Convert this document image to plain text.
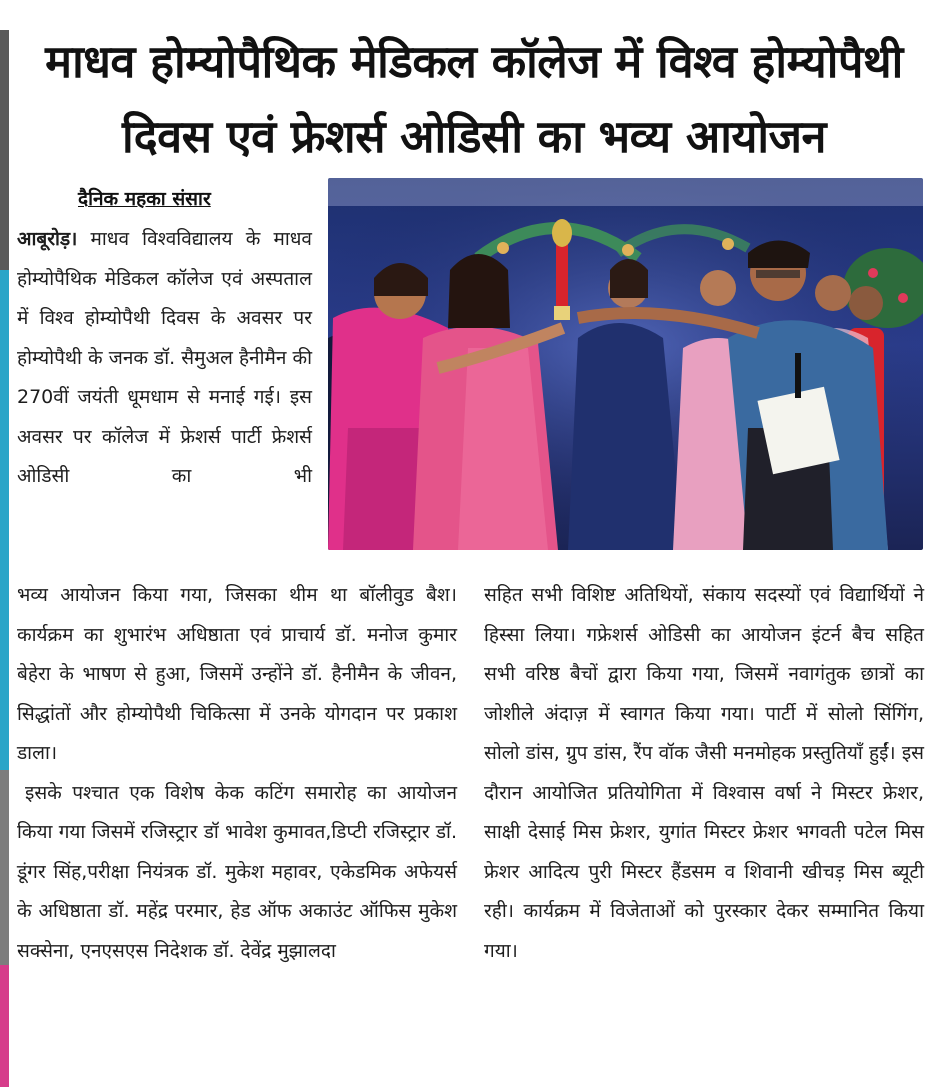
माधव होम्योपैथिक मेडिकल कॉलेज में विश्व होम्योपैथी
दिवस एवं फ्रेशर्स ओडिसी का भव्य आयोजन
दैनिक महका संसार
आबूरोड़। माधव विश्वविद्यालय के माधव होम्योपैथिक मेडिकल कॉलेज एवं अस्पताल में विश्व होम्योपैथी दिवस के अवसर पर होम्योपैथी के जनक डॉ. सैमुअल हैनीमैन की 270वीं जयंती धूमधाम से मनाई गई। इस अवसर पर कॉलेज में फ्रेशर्स पार्टी फ्रेशर्स ओडिसी का भी
भव्य आयोजन किया गया, जिसका थीम था बॉलीवुड बैश। कार्यक्रम का शुभारंभ अधिष्ठाता एवं प्राचार्य डॉ. मनोज कुमार बेहेरा के भाषण से हुआ, जिसमें उन्होंने डॉ. हैनीमैन के जीवन, सिद्धांतों और होम्योपैथी चिकित्सा में उनके योगदान पर प्रकाश डाला।
इसके पश्चात एक विशेष केक कटिंग समारोह का आयोजन किया गया जिसमें रजिस्ट्रार डॉ भावेश कुमावत,डिप्टी रजिस्ट्रार डॉ. डूंगर सिंह,परीक्षा नियंत्रक डॉ. मुकेश महावर, एकेडमिक अफेयर्स के अधिष्ठाता डॉ. महेंद्र परमार, हेड ऑफ अकाउंट ऑफिस मुकेश सक्सेना, एनएसएस निदेशक डॉ. देवेंद्र मुझालदा
सहित सभी विशिष्ट अतिथियों, संकाय सदस्यों एवं विद्यार्थियों ने हिस्सा लिया। गफ्रेशर्स ओडिसी का आयोजन इंटर्न बैच सहित सभी वरिष्ठ बैचों द्वारा किया गया, जिसमें नवागंतुक छात्रों का जोशीले अंदाज़ में स्वागत किया गया। पार्टी में सोलो सिंगिंग, सोलो डांस, ग्रुप डांस, रैंप वॉक जैसी मनमोहक प्रस्तुतियाँ हुईं। इस दौरान आयोजित प्रतियोगिता में विश्वास वर्षा ने मिस्टर फ्रेशर, साक्षी देसाई मिस फ्रेशर, युगांत मिस्टर फ्रेशर भगवती पटेल मिस फ्रेशर आदित्य पुरी मिस्टर हैंडसम व शिवानी खीचड़ मिस ब्यूटी रही। कार्यक्रम में विजेताओं को पुरस्कार देकर सम्मानित किया गया।
